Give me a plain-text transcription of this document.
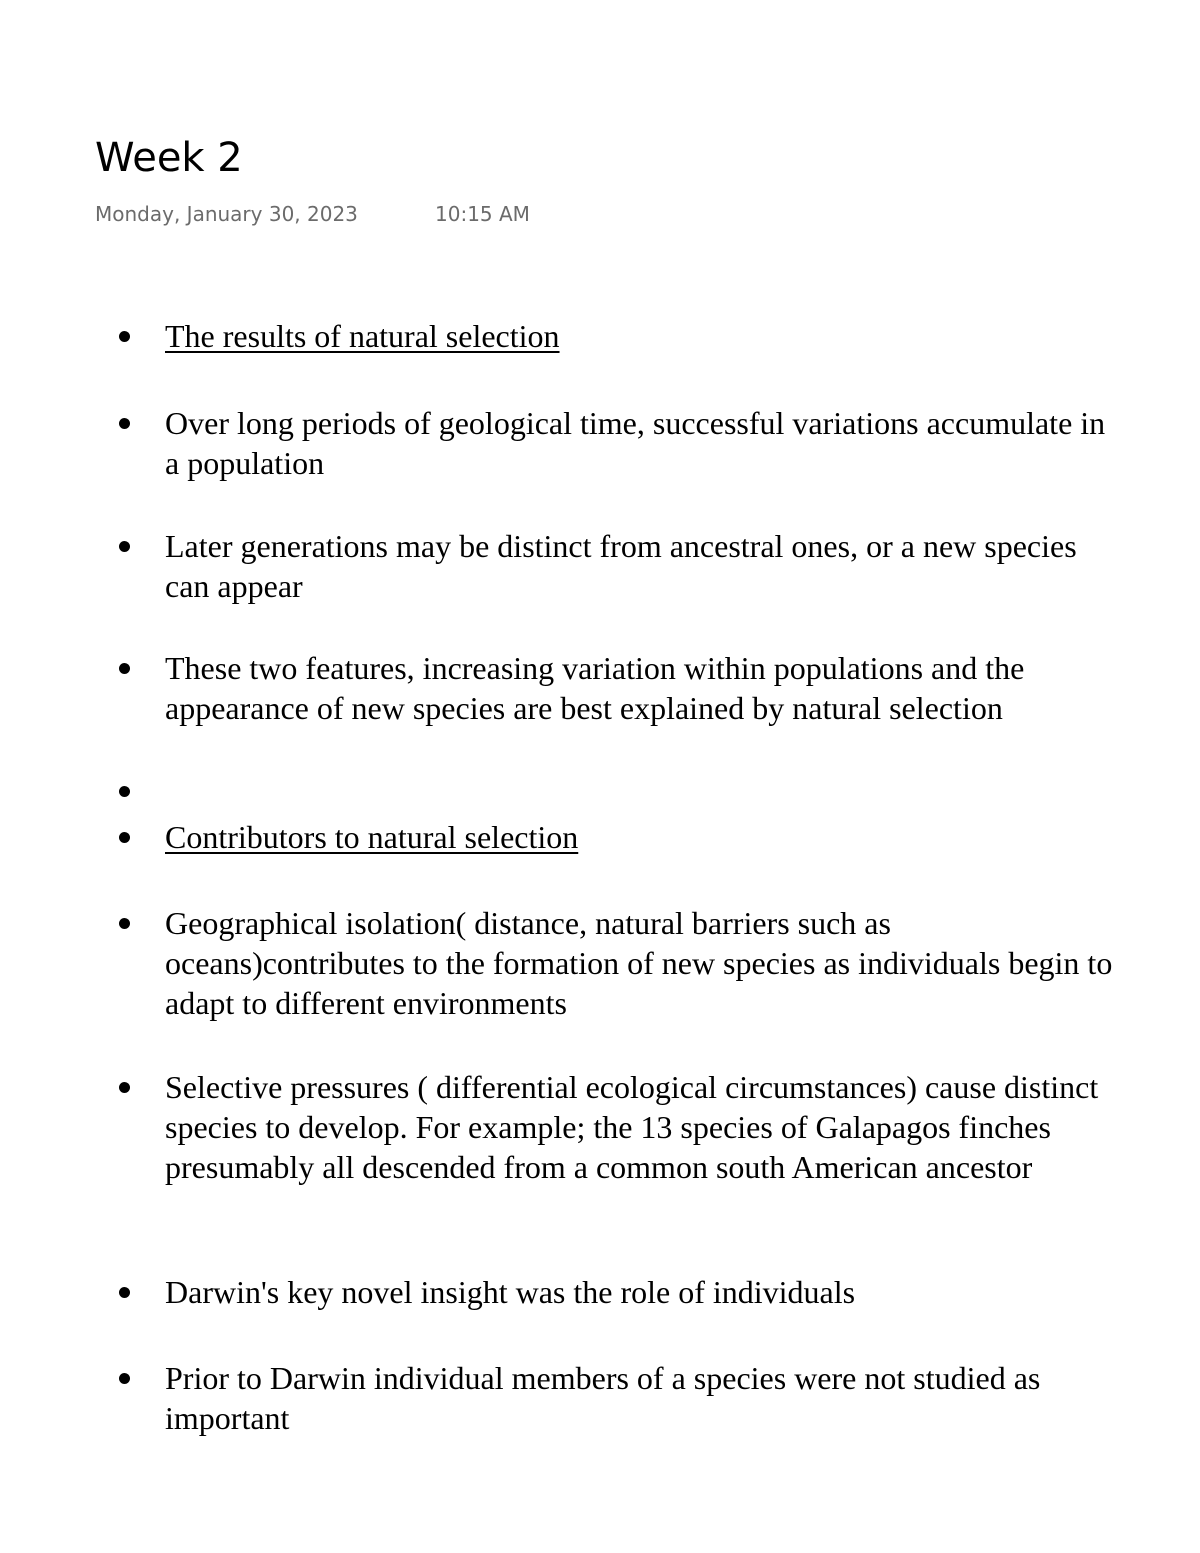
Week 2
Monday, January 30, 2023	10:15 AM
The results of natural selection
Over long periods of geological time, successful variations accumulate in a population
Later generations may be distinct from ancestral ones, or a new species can appear
These two features, increasing variation within populations and the appearance of new species are best explained by natural selection
Contributors to natural selection
Geographical isolation( distance, natural barriers such as oceans)contributes to the formation of new species as individuals begin to adapt to different environments
Selective pressures ( differential ecological circumstances) cause distinct species to develop. For example; the 13 species of Galapagos finches presumably all descended from a common south American ancestor
Darwin's key novel insight was the role of individuals
Prior to Darwin individual members of a species were not studied as important
